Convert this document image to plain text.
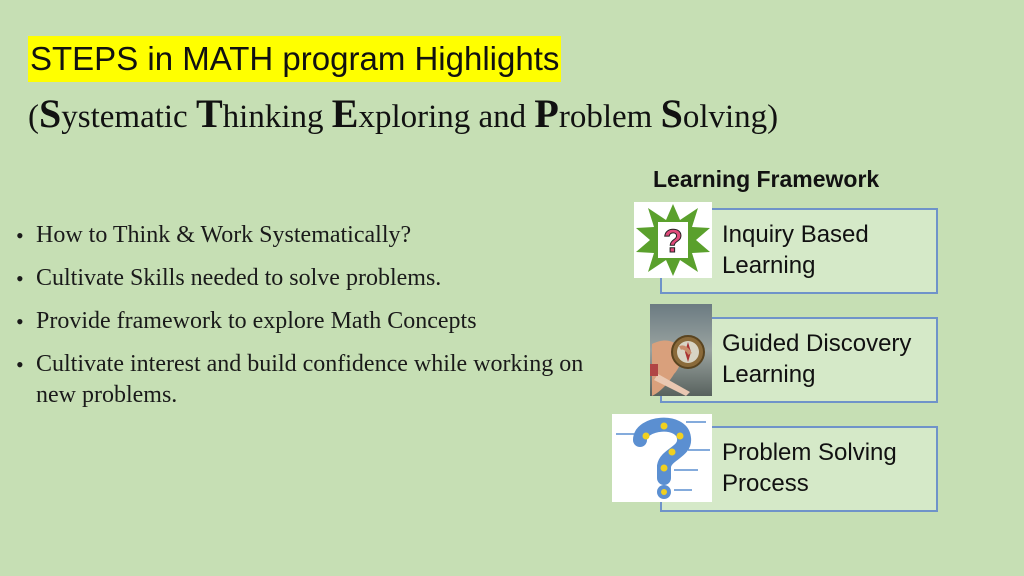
STEPS in MATH program Highlights
(Systematic Thinking Exploring and Problem Solving)
• How to Think & Work Systematically?
• Cultivate Skills needed to solve problems.
• Provide framework to explore Math Concepts
• Cultivate interest and build confidence while working on new problems.
Learning Framework
Inquiry Based Learning
Guided Discovery Learning
Problem Solving Process
?
